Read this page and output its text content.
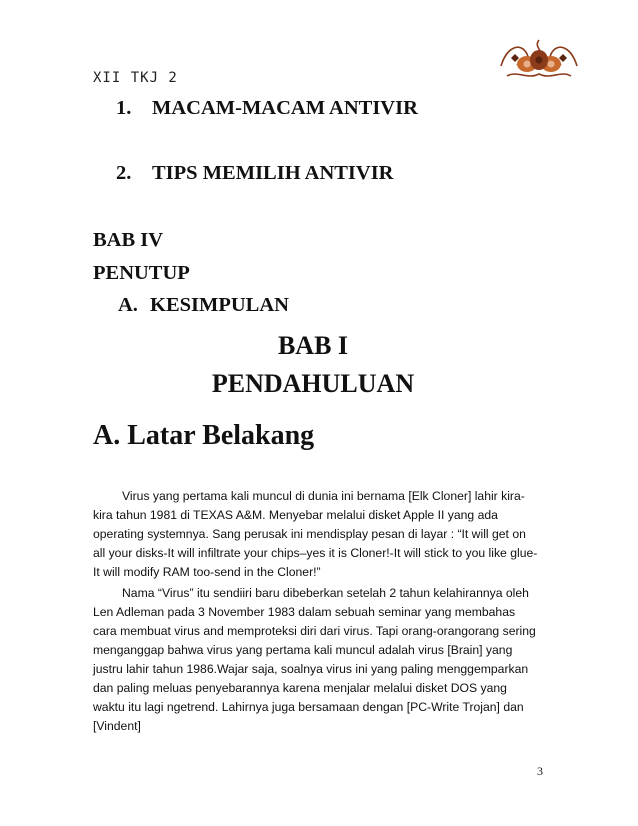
XII TKJ 2
1. MACAM-MACAM ANTIVIR
2. TIPS MEMILIH ANTIVIR
BAB IV
PENUTUP
A. KESIMPULAN
BAB I
PENDAHULUAN
A. Latar Belakang

Virus yang pertama kali muncul di dunia ini bernama [Elk Cloner] lahir kira-kira tahun 1981 di TEXAS A&M. Menyebar melalui disket Apple II yang ada operating systemnya. Sang perusak ini mendisplay pesan di layar : “It will get on all your disks-It will infiltrate your chips–yes it is Cloner!-It will stick to you like glue-It will modify RAM too-send in the Cloner!”

Nama “Virus” itu sendiiri baru dibeberkan setelah 2 tahun kelahirannya oleh Len Adleman pada 3 November 1983 dalam sebuah seminar yang membahas cara membuat virus and memproteksi diri dari virus. Tapi orang-orangorang sering menganggap bahwa virus yang pertama kali muncul adalah virus [Brain] yang justru lahir tahun 1986.Wajar saja, soalnya virus ini yang paling menggemparkan dan paling meluas penyebarannya karena menjalar melalui disket DOS yang waktu itu lagi ngetrend. Lahirnya juga bersamaan dengan [PC-Write Trojan] dan [Vindent]

3
